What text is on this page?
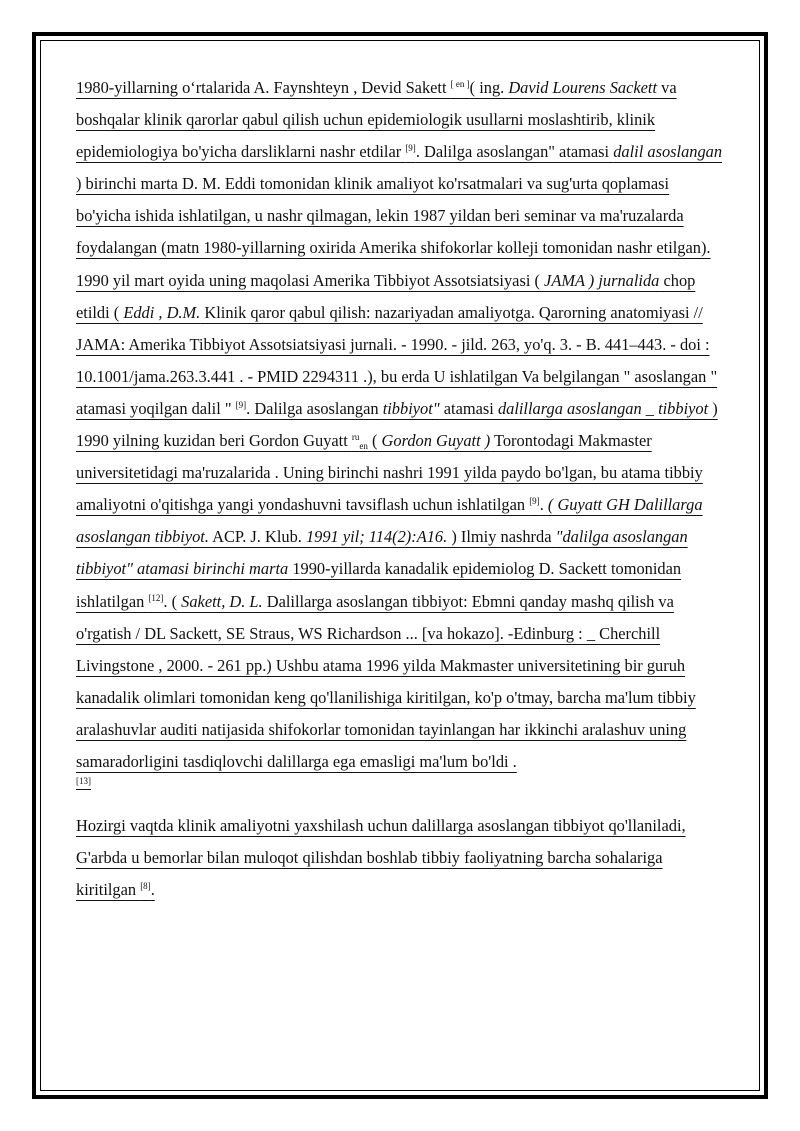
1980-yillarning oʻrtalarida A. Faynshteyn , Devid Sakett [ en ]( ing. David Lourens Sackett va boshqalar klinik qarorlar qabul qilish uchun epidemiologik usullarni moslashtirib, klinik epidemiologiya bo'yicha darsliklarni nashr etdilar [9]. Dalilga asoslangan" atamasi dalil asoslangan ) birinchi marta D. M. Eddi tomonidan klinik amaliyot ko'rsatmalari va sug'urta qoplamasi bo'yicha ishida ishlatilgan, u nashr qilmagan, lekin 1987 yildan beri seminar va ma'ruzalarda foydalangan (matn 1980-yillarning oxirida Amerika shifokorlar kolleji tomonidan nashr etilgan). 1990 yil mart oyida uning maqolasi Amerika Tibbiyot Assotsiatsiyasi ( JAMA ) jurnalida chop etildi ( Eddi , D.M. Klinik qaror qabul qilish: nazariyadan amaliyotga. Qarorning anatomiyasi // JAMA: Amerika Tibbiyot Assotsiatsiyasi jurnali. - 1990. - jild. 263, yo'q. 3. - B. 441–443. - doi : 10.1001/jama.263.3.441 . - PMID 2294311 .), bu erda U ishlatilgan Va belgilangan " asoslangan " atamasi yoqilgan dalil " [9]. Dalilga asoslangan tibbiyot" atamasi dalillarga asoslangan _ tibbiyot ) 1990 yilning kuzidan beri Gordon Guyatt $^{ru}_{en}$ ( Gordon Guyatt ) Torontodagi Makmaster universitetidagi ma'ruzalarida . Uning birinchi nashri 1991 yilda paydo bo'lgan, bu atama tibbiy amaliyotni o'qitishga yangi yondashuvni tavsiflash uchun ishlatilgan [9]. ( Guyatt GH Dalillarga asoslangan tibbiyot. ACP. J. Klub. 1991 yil; 114(2):A16. ) Ilmiy nashrda "dalilga asoslangan tibbiyot" atamasi birinchi marta 1990-yillarda kanadalik epidemiolog D. Sackett tomonidan ishlatilgan [12]. ( Sakett, D. L. Dalillarga asoslangan tibbiyot: Ebmni qanday mashq qilish va o'rgatish / DL Sackett, SE Straus, WS Richardson ... [va hokazo]. -Edinburg : _ Cherchill Livingstone , 2000. - 261 pp.) Ushbu atama 1996 yilda Makmaster universitetining bir guruh kanadalik olimlari tomonidan keng qo'llanilishiga kiritilgan, ko'p o'tmay, barcha ma'lum tibbiy aralashuvlar auditi natijasida shifokorlar tomonidan tayinlangan har ikkinchi aralashuv uning samaradorligini tasdiqlovchi dalillarga ega emasligi ma'lum bo'ldi .
[13]

Hozirgi vaqtda klinik amaliyotni yaxshilash uchun dalillarga asoslangan tibbiyot qo'llaniladi, G'arbda u bemorlar bilan muloqot qilishdan boshlab tibbiy faoliyatning barcha sohalariga kiritilgan [8].
